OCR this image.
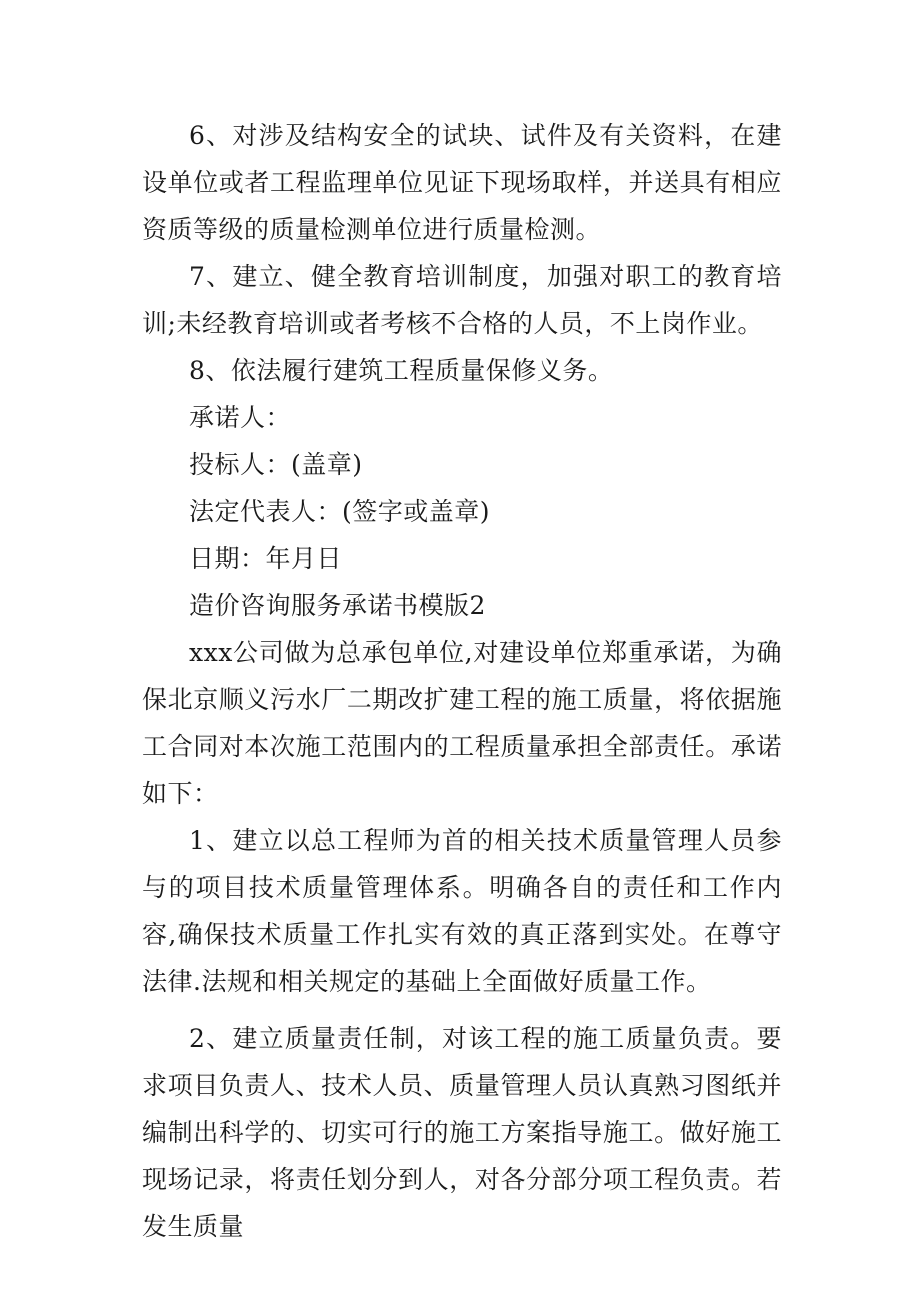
6、对涉及结构安全的试块、试件及有关资料，在建设单位或者工程监理单位见证下现场取样，并送具有相应资质等级的质量检测单位进行质量检测。

7、建立、健全教育培训制度，加强对职工的教育培训;未经教育培训或者考核不合格的人员，不上岗作业。

8、依法履行建筑工程质量保修义务。

承诺人：

投标人：(盖章)

法定代表人：(签字或盖章)

日期：年月日

造价咨询服务承诺书模版2

xxx公司做为总承包单位,对建设单位郑重承诺，为确保北京顺义污水厂二期改扩建工程的施工质量，将依据施工合同对本次施工范围内的工程质量承担全部责任。承诺如下：

1、建立以总工程师为首的相关技术质量管理人员参与的项目技术质量管理体系。明确各自的责任和工作内容,确保技术质量工作扎实有效的真正落到实处。在尊守法律.法规和相关规定的基础上全面做好质量工作。

2、建立质量责任制，对该工程的施工质量负责。要求项目负责人、技术人员、质量管理人员认真熟习图纸并编制出科学的、切实可行的施工方案指导施工。做好施工现场记录，将责任划分到人，对各分部分项工程负责。若发生质量
